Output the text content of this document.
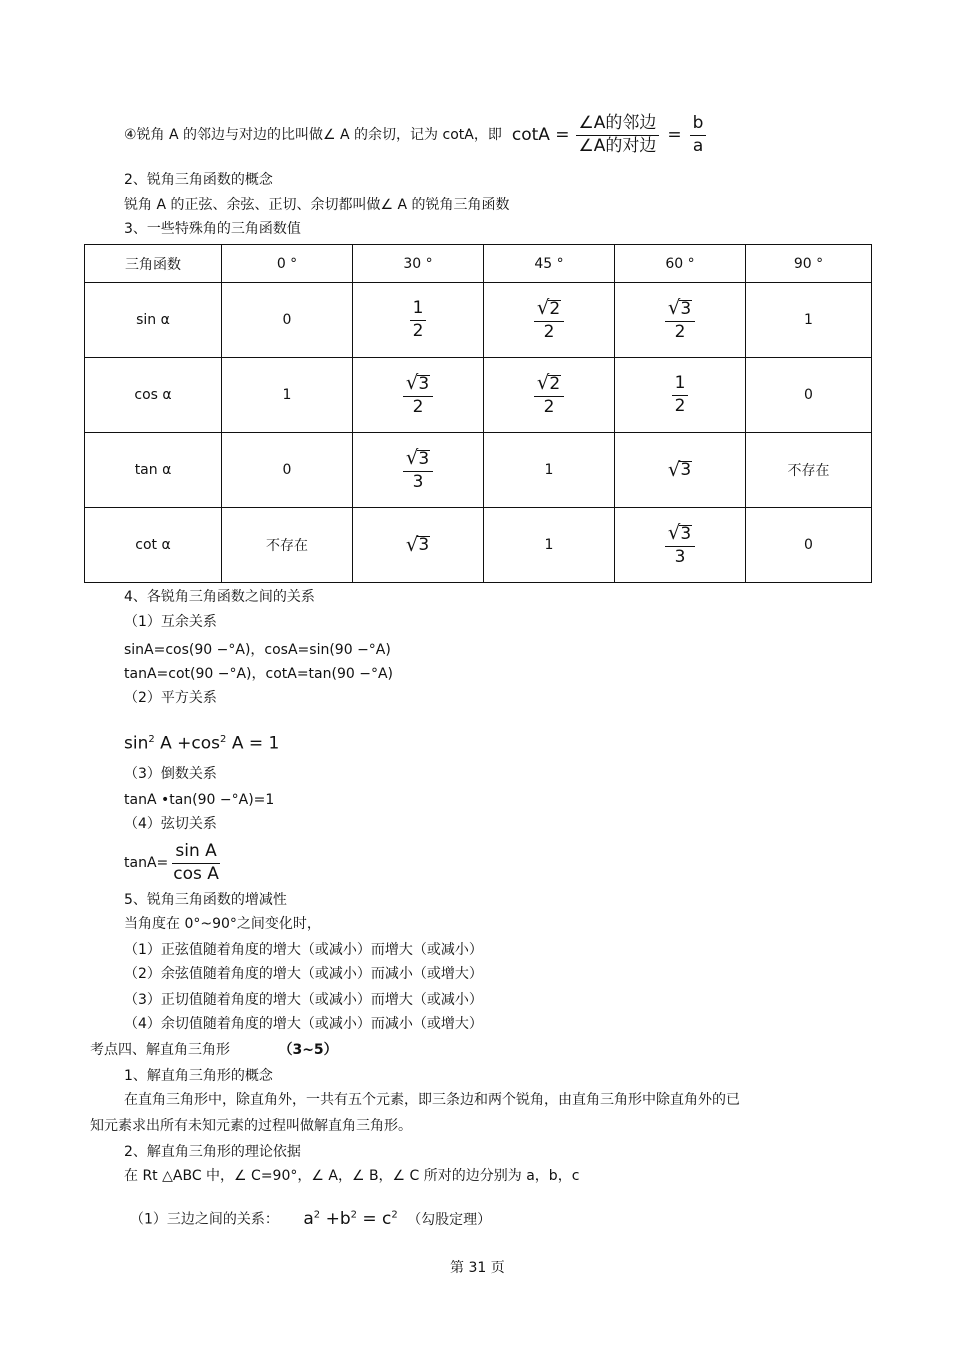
④锐角 A 的邻边与对边的比叫做∠ A 的余切，记为 cotA，即 $\cot A = \frac{\text{∠A的邻边}}{\text{∠A的对边}} = \frac{b}{a}$
2、锐角三角函数的概念
锐角 A 的正弦、余弦、正切、余切都叫做∠ A 的锐角三角函数
3、一些特殊角的三角函数值
三角函数	0 °	30 °	45 °	60 °	90 °
sin α	0	$\frac{1}{2}$	$\frac{√ 2}{2}$	$\frac{√ 3}{2}$	1
cos α	1	$\frac{√ 3}{2}$	$\frac{√ 2}{2}$	$\frac{1}{2}$	0
tan α	0	$\frac{√ 3}{3}$	1	√ 3	不存在
cot α	不存在	√ 3	1	$\frac{√ 3}{3}$	0
4、各锐角三角函数之间的关系
（1）互余关系
sinA=cos(90 −°A)，cosA=sin(90 −°A)
tanA=cot(90 −°A)，cotA=tan(90 −°A)
（2）平方关系
$\sin^2 A +\cos^2$ A = 1
（3）倒数关系
tanA •tan(90 −°A)=1
（4）弦切关系
$\tan A= \frac{\text{sin A}}{\text{cos A}}$
5、锐角三角函数的增减性
当角度在 0°~90°之间变化时，
（1）正弦值随着角度的增大（或减小）而增大（或减小）
（2）余弦值随着角度的增大（或减小）而减小（或增大）
（3）正切值随着角度的增大（或减小）而增大（或减小）
（4）余切值随着角度的增大（或减小）而减小（或增大）
考点四、解直角三角形	（3~5）
1、解直角三角形的概念
在直角三角形中，除直角外，一共有五个元素，即三条边和两个锐角，由直角三角形中除直角外的已
知元素求出所有未知元素的过程叫做解直角三角形。
2、解直角三角形的理论依据
在 Rt △ABC 中，∠ C=90°，∠ A，∠ B，∠ C 所对的边分别为 a，b，c
（1）三边之间的关系： $a^2 +b^2 = c^2$ （勾股定理）
第 31 页
